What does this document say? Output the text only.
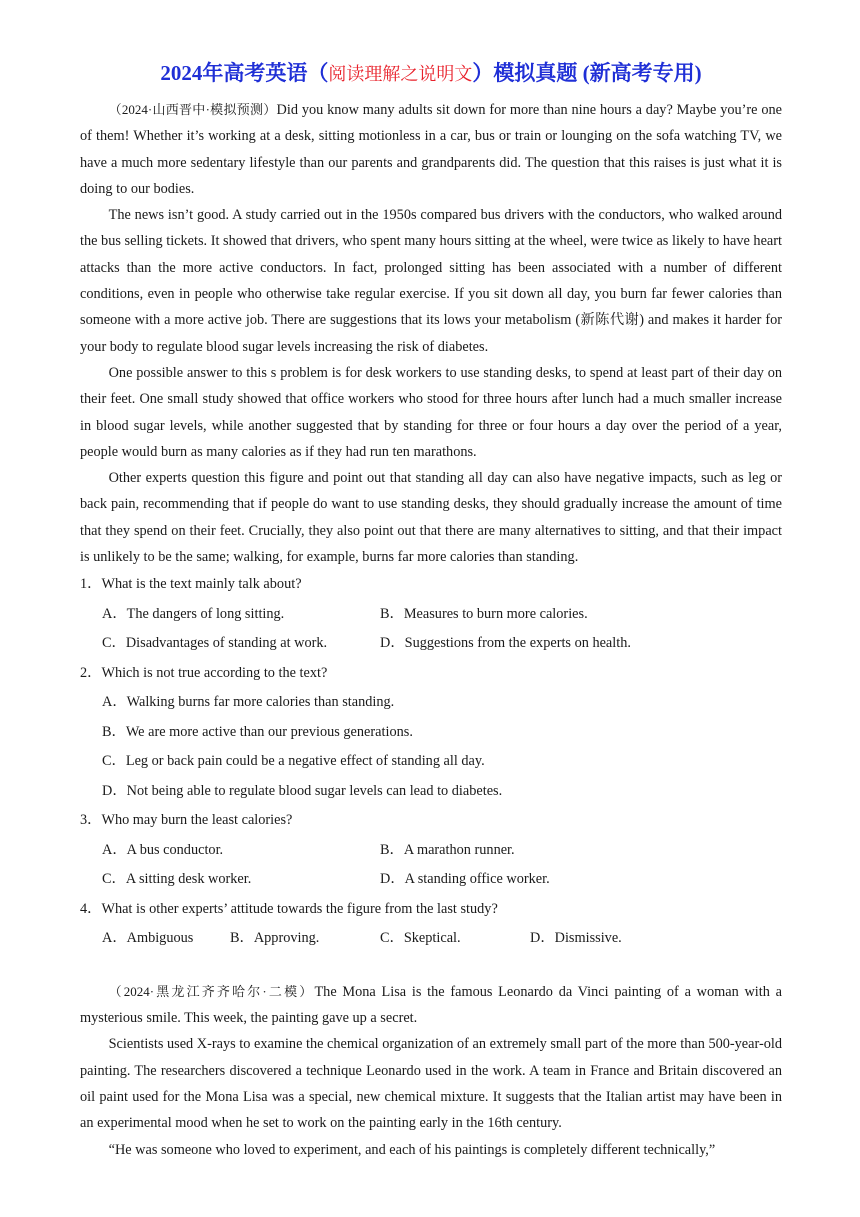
2024年高考英语（阅读理解之说明文）模拟真题 (新高考专用)

（2024·山西晋中·模拟预测）Did you know many adults sit down for more than nine hours a day? Maybe you’re one of them! Whether it’s working at a desk, sitting motionless in a car, bus or train or lounging on the sofa watching TV, we have a much more sedentary lifestyle than our parents and grandparents did. The question that this raises is just what it is doing to our bodies.

The news isn’t good. A study carried out in the 1950s compared bus drivers with the conductors, who walked around the bus selling tickets. It showed that drivers, who spent many hours sitting at the wheel, were twice as likely to have heart attacks than the more active conductors. In fact, prolonged sitting has been associated with a number of different conditions, even in people who otherwise take regular exercise. If you sit down all day, you burn far fewer calories than someone with a more active job. There are suggestions that its lows your metabolism (新陈代谢) and makes it harder for your body to regulate blood sugar levels increasing the risk of diabetes.

One possible answer to this s problem is for desk workers to use standing desks, to spend at least part of their day on their feet. One small study showed that office workers who stood for three hours after lunch had a much smaller increase in blood sugar levels, while another suggested that by standing for three or four hours a day over the period of a year, people would burn as many calories as if they had run ten marathons.

Other experts question this figure and point out that standing all day can also have negative impacts, such as leg or back pain, recommending that if people do want to use standing desks, they should gradually increase the amount of time that they spend on their feet. Crucially, they also point out that there are many alternatives to sitting, and that their impact is unlikely to be the same; walking, for example, burns far more calories than standing.

1．What is the text mainly talk about?

A．The dangers of long sitting.	B．Measures to burn more calories.
C．Disadvantages of standing at work.	D．Suggestions from the experts on health.

2．Which is not true according to the text?

A．Walking burns far more calories than standing.
B．We are more active than our previous generations.
C．Leg or back pain could be a negative effect of standing all day.
D．Not being able to regulate blood sugar levels can lead to diabetes.

3．Who may burn the least calories?

A．A bus conductor.	B．A marathon runner.
C．A sitting desk worker.	D．A standing office worker.

4．What is other experts’ attitude towards the figure from the last study?

A．Ambiguous	B．Approving.	C．Skeptical.	D．Dismissive.

（2024·黑龙江齐齐哈尔·二模）The Mona Lisa is the famous Leonardo da Vinci painting of a woman with a mysterious smile. This week, the painting gave up a secret.

Scientists used X-rays to examine the chemical organization of an extremely small part of the more than 500-year-old painting. The researchers discovered a technique Leonardo used in the work. A team in France and Britain discovered an oil paint used for the Mona Lisa was a special, new chemical mixture. It suggests that the Italian artist may have been in an experimental mood when he set to work on the painting early in the 16th century.

“He was someone who loved to experiment, and each of his paintings is completely different technically,”
